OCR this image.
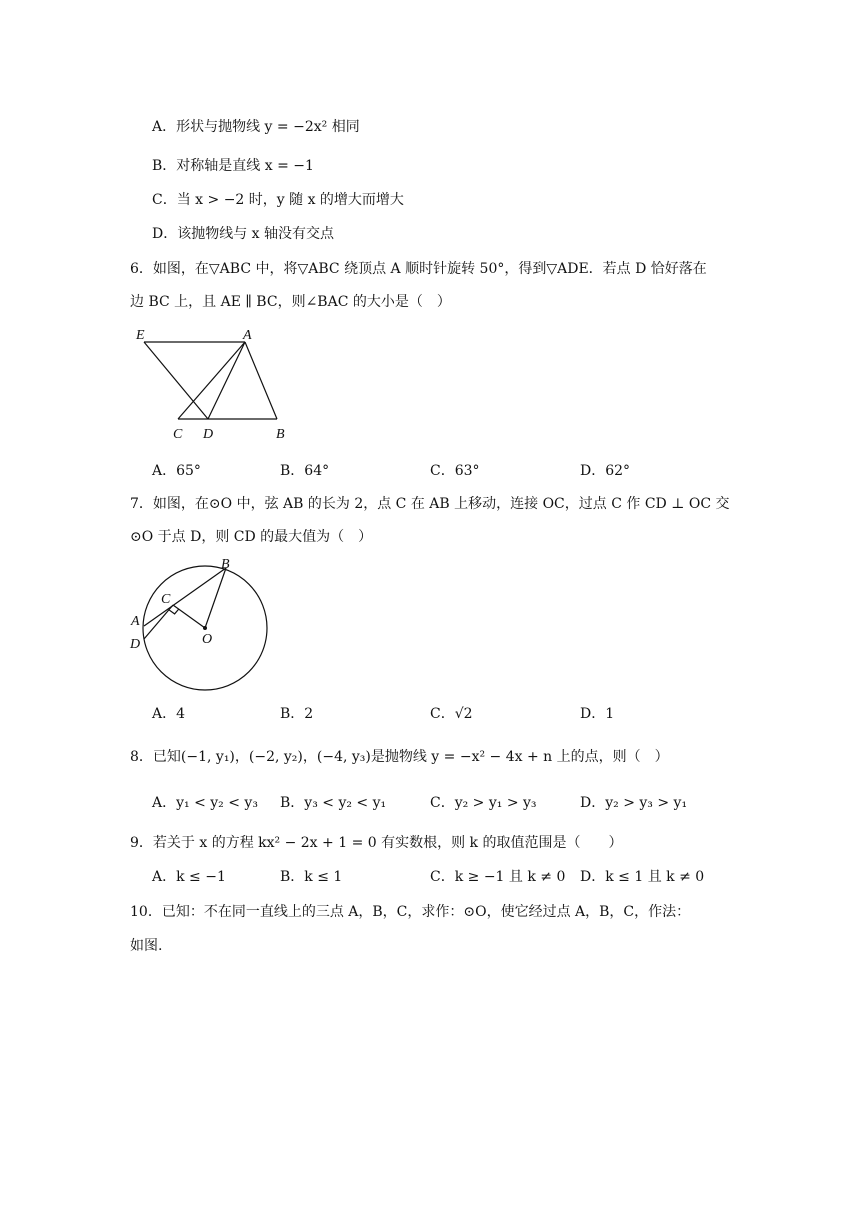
A．形状与抛物线 y = −2x² 相同
B．对称轴是直线 x = −1
C．当 x > −2 时，y 随 x 的增大而增大
D．该抛物线与 x 轴没有交点
6．如图，在▽ABC 中，将▽ABC 绕顶点 A 顺时针旋转 50°，得到▽ADE．若点 D 恰好落在
边 BC 上，且 AE ∥ BC，则∠BAC 的大小是（　）
E	A
C D	B
A．65°	B．64°	C．63°	D．62°
7．如图，在⊙O 中，弦 AB 的长为 2，点 C 在 AB 上移动，连接 OC，过点 C 作 CD ⊥ OC 交
⊙O 于点 D，则 CD 的最大值为（　）
B
C
A
D	O
A．4	B．2	C．√2	D．1
8．已知(−1, y₁)，(−2, y₂)，(−4, y₃)是抛物线 y = −x² − 4x + n 上的点，则（　）
A．y₁ < y₂ < y₃ B．y₃ < y₂ < y₁	C．y₂ > y₁ > y₃	D．y₂ > y₃ > y₁
9．若关于 x 的方程 kx² − 2x + 1 = 0 有实数根，则 k 的取值范围是（　　）
A．k ≤ −1	B．k ≤ 1	C．k ≥ −1 且 k ≠ 0 D．k ≤ 1 且 k ≠ 0
10．已知：不在同一直线上的三点 A，B，C，求作：⊙O，使它经过点 A，B，C，作法：
如图.
